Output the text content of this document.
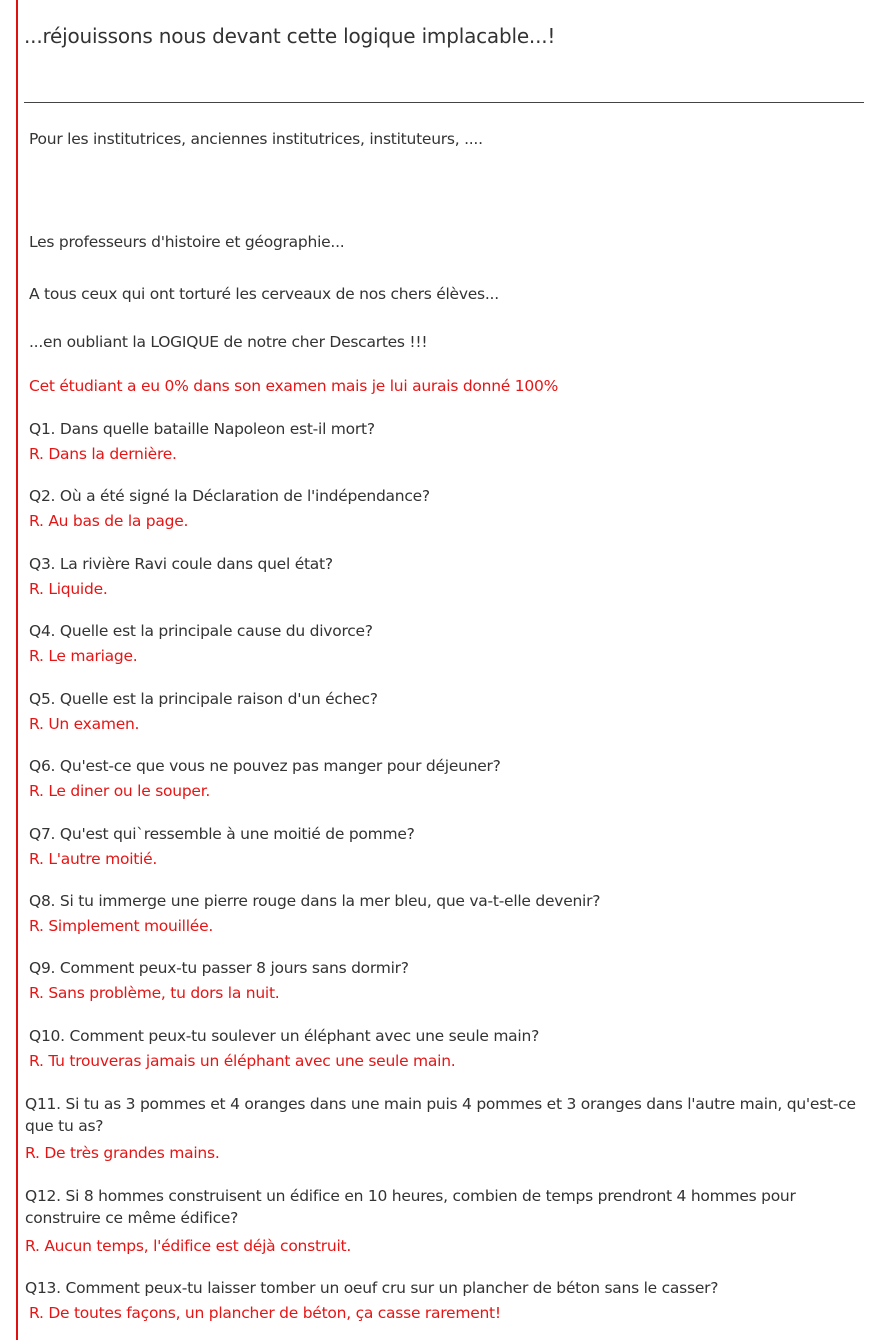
...réjouissons nous devant cette logique implacable...!
Pour les institutrices, anciennes institutrices, instituteurs, ....
Les professeurs d'histoire et géographie...
A tous ceux qui ont torturé les cerveaux de nos chers élèves...
...en oubliant la LOGIQUE de notre cher Descartes !!!
Cet étudiant a eu 0% dans son examen mais je lui aurais donné 100%
Q1. Dans quelle bataille Napoleon est-il mort?
R. Dans la dernière.
Q2. Où a été signé la Déclaration de l'indépendance?
R. Au bas de la page.
Q3. La rivière Ravi coule dans quel état?
R. Liquide.
Q4. Quelle est la principale cause du divorce?
R. Le mariage.
Q5. Quelle est la principale raison d'un échec?
R. Un examen.
Q6. Qu'est-ce que vous ne pouvez pas manger pour déjeuner?
R. Le diner ou le souper.
Q7. Qu'est qui`ressemble à une moitié de pomme?
R. L'autre moitié.
Q8. Si tu immerge une pierre rouge dans la mer bleu, que va-t-elle devenir?
R. Simplement mouillée.
Q9. Comment peux-tu passer 8 jours sans dormir?
R. Sans problème, tu dors la nuit.
Q10. Comment peux-tu soulever un éléphant avec une seule main?
R. Tu trouveras jamais un éléphant avec une seule main.
Q11. Si tu as 3 pommes et 4 oranges dans une main puis 4 pommes et 3 oranges dans l'autre main, qu'est-ce que tu as?
R. De très grandes mains.
Q12. Si 8 hommes construisent un édifice en 10 heures, combien de temps prendront 4 hommes pour construire ce même édifice?
R. Aucun temps, l'édifice est déjà construit.
Q13. Comment peux-tu laisser tomber un oeuf cru sur un plancher de béton sans le casser?
R. De toutes façons, un plancher de béton, ça casse rarement!
